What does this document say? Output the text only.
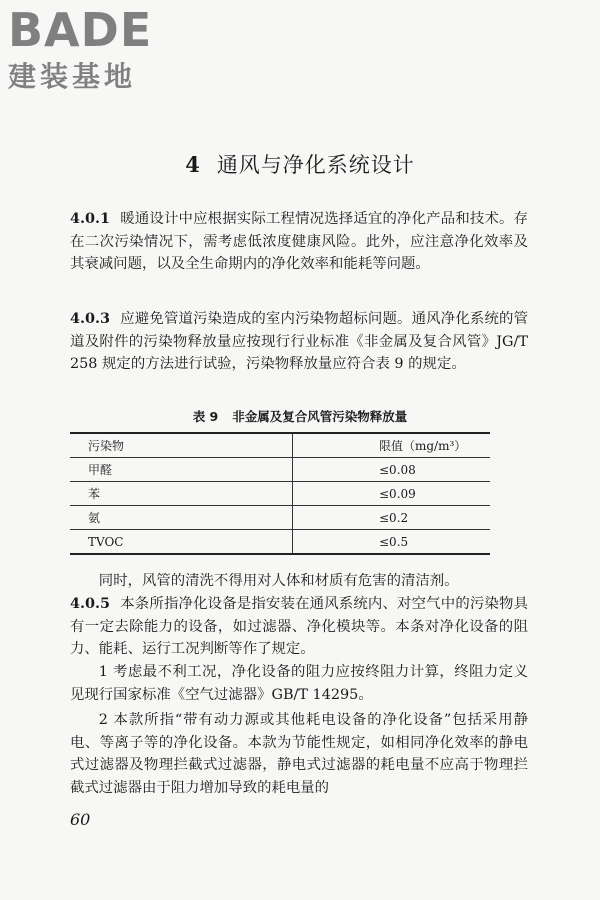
BADE
建装基地
4 通风与净化系统设计
4.0.1 暖通设计中应根据实际工程情况选择适宜的净化产品和技术。存在二次污染情况下，需考虑低浓度健康风险。此外，应注意净化效率及其衰减问题，以及全生命期内的净化效率和能耗等问题。
4.0.3 应避免管道污染造成的室内污染物超标问题。通风净化系统的管道及附件的污染物释放量应按现行行业标准《非金属及复合风管》JG/T 258 规定的方法进行试验，污染物释放量应符合表 9 的规定。
表 9 非金属及复合风管污染物释放量
污染物	限值（mg/m³）
甲醛	≤0.08
苯	≤0.09
氨	≤0.2
TVOC	≤0.5
同时，风管的清洗不得用对人体和材质有危害的清洁剂。
4.0.5 本条所指净化设备是指安装在通风系统内、对空气中的污染物具有一定去除能力的设备，如过滤器、净化模块等。本条对净化设备的阻力、能耗、运行工况判断等作了规定。
1 考虑最不利工况，净化设备的阻力应按终阻力计算，终阻力定义见现行国家标准《空气过滤器》GB/T 14295。
2 本款所指“带有动力源或其他耗电设备的净化设备”包括采用静电、等离子等的净化设备。本款为节能性规定，如相同净化效率的静电式过滤器及物理拦截式过滤器，静电式过滤器的耗电量不应高于物理拦截式过滤器由于阻力增加导致的耗电量的
60
